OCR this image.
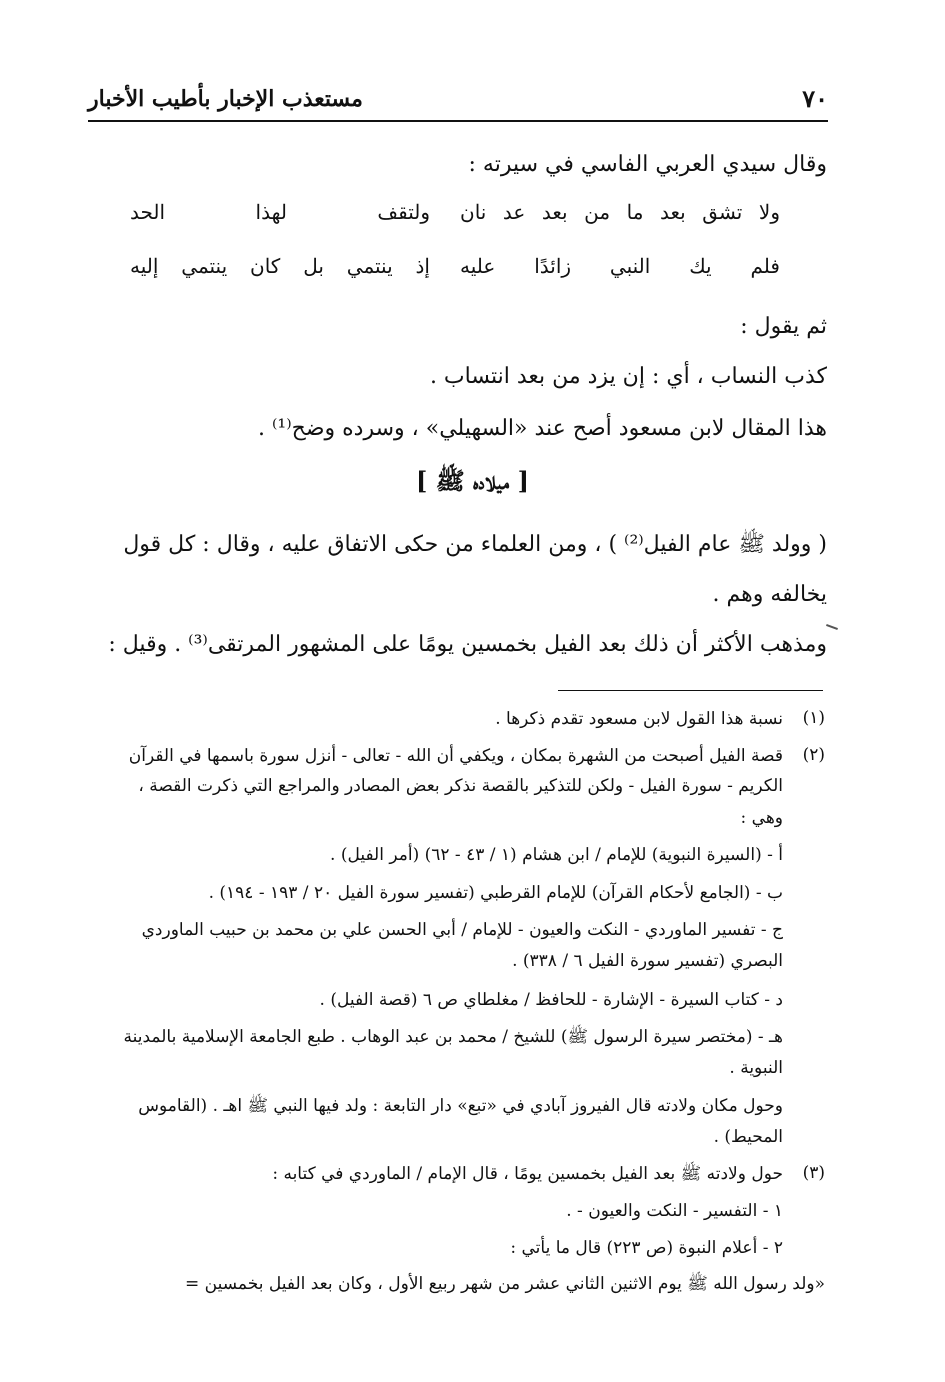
٧٠
مستعذب الإخبار بأطيب الأخبار
وقال سيدي العربي الفاسي في سيرته :
ولا تشق بعد ما من بعد عد نان
ولتقف لهذا الحد
فلم يك النبي زائدًا عليه
إذ ينتمي بل كان ينتمي إليه
ثم يقول :
كذب النساب ، أي : إن يزد من بعد انتساب .
هذا المقال لابن مسعود أصح عند «السهيلي» ، وسرده وضح⁽¹⁾ .
[ ميلاده ﷺ ]
( وولد ﷺ عام الفيل⁽²⁾ ) ، ومن العلماء من حكى الاتفاق عليه ، وقال : كل قول
يخالفه وهم .
ومذهب الأكثر أن ذلك بعد الفيل بخمسين يومًا على المشهور المرتقى⁽³⁾ . وقيل :
(١)
نسبة هذا القول لابن مسعود تقدم ذكرها .
(٢)
قصة الفيل أصبحت من الشهرة بمكان ، ويكفي أن الله - تعالى - أنزل سورة باسمها في القرآن
الكريم - سورة الفيل - ولكن للتذكير بالقصة نذكر بعض المصادر والمراجع التي ذكرت القصة ،
وهي :
أ - (السيرة النبوية) للإمام / ابن هشام (١ / ٤٣ - ٦٢) (أمر الفيل) .
ب - (الجامع لأحكام القرآن) للإمام القرطبي (تفسير سورة الفيل ٢٠ / ١٩٣ - ١٩٤) .
ج - تفسير الماوردي - النكت والعيون - للإمام / أبي الحسن علي بن محمد بن حبيب الماوردي
البصري (تفسير سورة الفيل ٦ / ٣٣٨) .
د - كتاب السيرة - الإشارة - للحافظ / مغلطاي ص ٦ (قصة الفيل) .
هـ - (مختصر سيرة الرسول ﷺ) للشيخ / محمد بن عبد الوهاب . طبع الجامعة الإسلامية بالمدينة
النبوية .
وحول مكان ولادته قال الفيروز آبادي في «تبع» دار التابعة : ولد فيها النبي ﷺ اهـ . (القاموس
المحيط) .
(٣)
حول ولادته ﷺ بعد الفيل بخمسين يومًا ، قال الإمام / الماوردي في كتابه :
١ - التفسير - النكت والعيون - .
٢ - أعلام النبوة (ص ٢٢٣) قال ما يأتي :
«ولد رسول الله ﷺ يوم الاثنين الثاني عشر من شهر ربيع الأول ، وكان بعد الفيل بخمسين =
